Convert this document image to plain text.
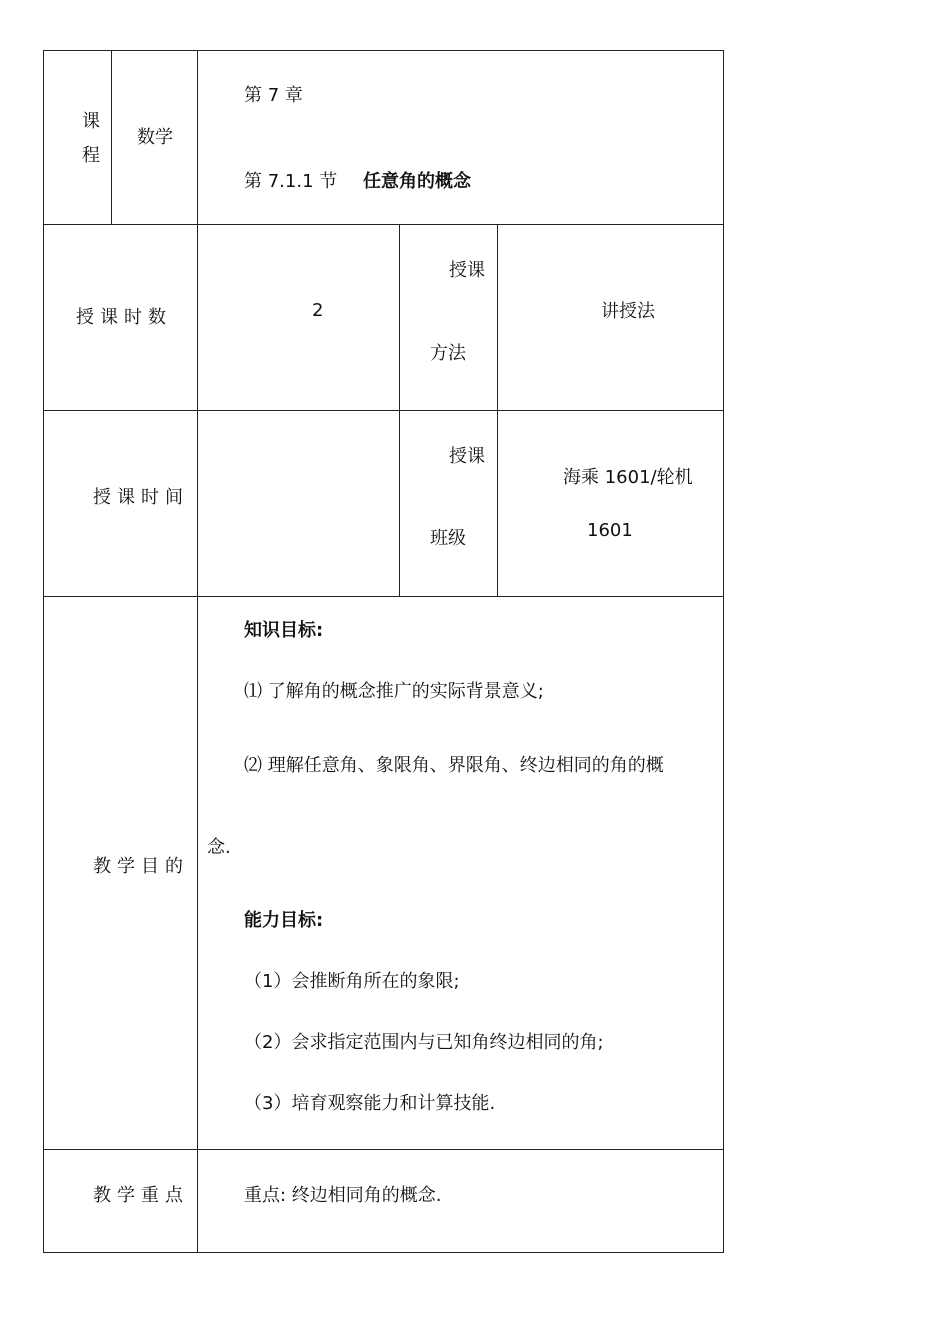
课
程
数学
第 7 章
第 7.1.1 节 任意角的概念
授课时数	2
授课
方法
讲授法
授课时间
授课
班级
海乘 1601/轮机
1601
教学目的
知识目标:
⑴ 了解角的概念推广的实际背景意义;
⑵ 理解任意角、象限角、界限角、终边相同的角的概
念.
能力目标:
（1）会推断角所在的象限;
（2）会求指定范围内与已知角终边相同的角;
（3）培育观察能力和计算技能.
教学重点	重点: 终边相同角的概念.
